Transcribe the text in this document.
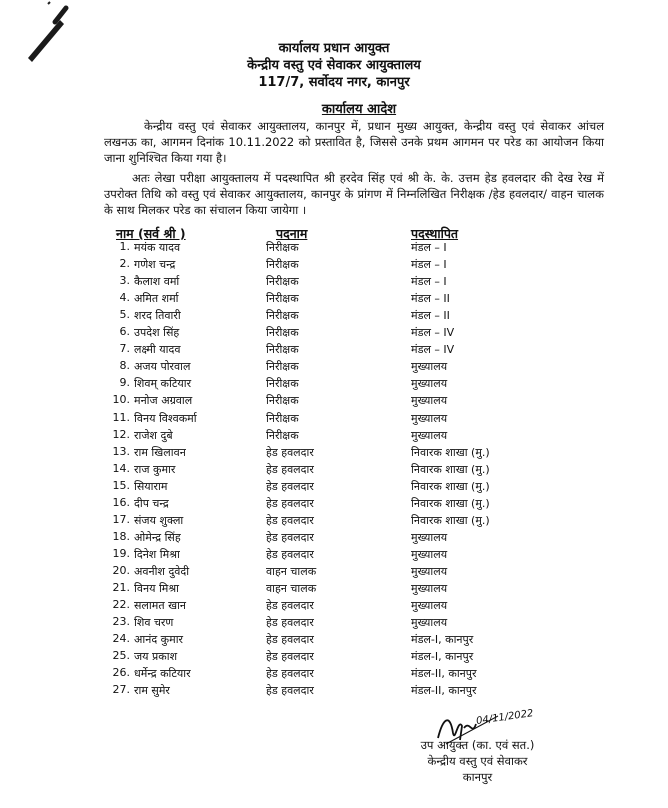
कार्यालय प्रधान आयुक्त
केन्द्रीय वस्तु एवं सेवाकर आयुक्तालय
117/7, सर्वोदय नगर, कानपुर
कार्यालय आदेश
केन्द्रीय वस्तु एवं सेवाकर आयुक्तालय, कानपुर में, प्रधान मुख्य आयुक्त, केन्द्रीय वस्तु एवं सेवाकर आंचल लखनऊ का, आगमन दिनांक 10.11.2022 को प्रस्तावित है, जिससे उनके प्रथम आगमन पर परेड का आयोजन किया जाना शुनिश्चित किया गया है।
अतः लेखा परीक्षा आयुक्तालय में पदस्थापित श्री हरदेव सिंह एवं श्री के. के. उत्तम हेड हवलदार की देख रेख में उपरोक्त तिथि को वस्तु एवं सेवाकर आयुक्तालय, कानपुर के प्रांगण में निम्नलिखित निरीक्षक /हेड हवलदार/ वाहन चालक के साथ मिलकर परेड का संचालन किया जायेगा ।
नाम (सर्व श्री )	पदनाम	पदस्थापित
1. मयंक यादव	निरीक्षक	मंडल – I
2. गणेश चन्द्र	निरीक्षक	मंडल – I
3. कैलाश वर्मा	निरीक्षक	मंडल – I
4. अमित शर्मा	निरीक्षक	मंडल – II
5. शरद तिवारी	निरीक्षक	मंडल – II
6. उपदेश सिंह	निरीक्षक	मंडल – IV
7. लक्ष्मी यादव	निरीक्षक	मंडल – IV
8. अजय पोरवाल	निरीक्षक	मुख्यालय
9. शिवम् कटियार	निरीक्षक	मुख्यालय
10. मनोज अग्रवाल	निरीक्षक	मुख्यालय
11. विनय विश्वकर्मा	निरीक्षक	मुख्यालय
12. राजेश दुबे	निरीक्षक	मुख्यालय
13. राम खिलावन	हेड हवलदार	निवारक शाखा (मु.)
14. राज कुमार	हेड हवलदार	निवारक शाखा (मु.)
15. सियाराम	हेड हवलदार	निवारक शाखा (मु.)
16. दीप चन्द्र	हेड हवलदार	निवारक शाखा (मु.)
17. संजय शुक्ला	हेड हवलदार	निवारक शाखा (मु.)
18. ओमेन्द्र सिंह	हेड हवलदार	मुख्यालय
19. दिनेश मिश्रा	हेड हवलदार	मुख्यालय
20. अवनीश दुवेदी	वाहन चालक	मुख्यालय
21. विनय मिश्रा	वाहन चालक	मुख्यालय
22. सलामत खान	हेड हवलदार	मुख्यालय
23. शिव चरण	हेड हवलदार	मुख्यालय
24. आनंद कुमार	हेड हवलदार	मंडल-I, कानपुर
25. जय प्रकाश	हेड हवलदार	मंडल-I, कानपुर
26. धर्मेन्द्र कटियार	हेड हवलदार	मंडल-II, कानपुर
27. राम सुमेर	हेड हवलदार	मंडल-II, कानपुर
04/11/2022
उप आयुक्त (का. एवं सत.)
केन्द्रीय वस्तु एवं सेवाकर
कानपुर
